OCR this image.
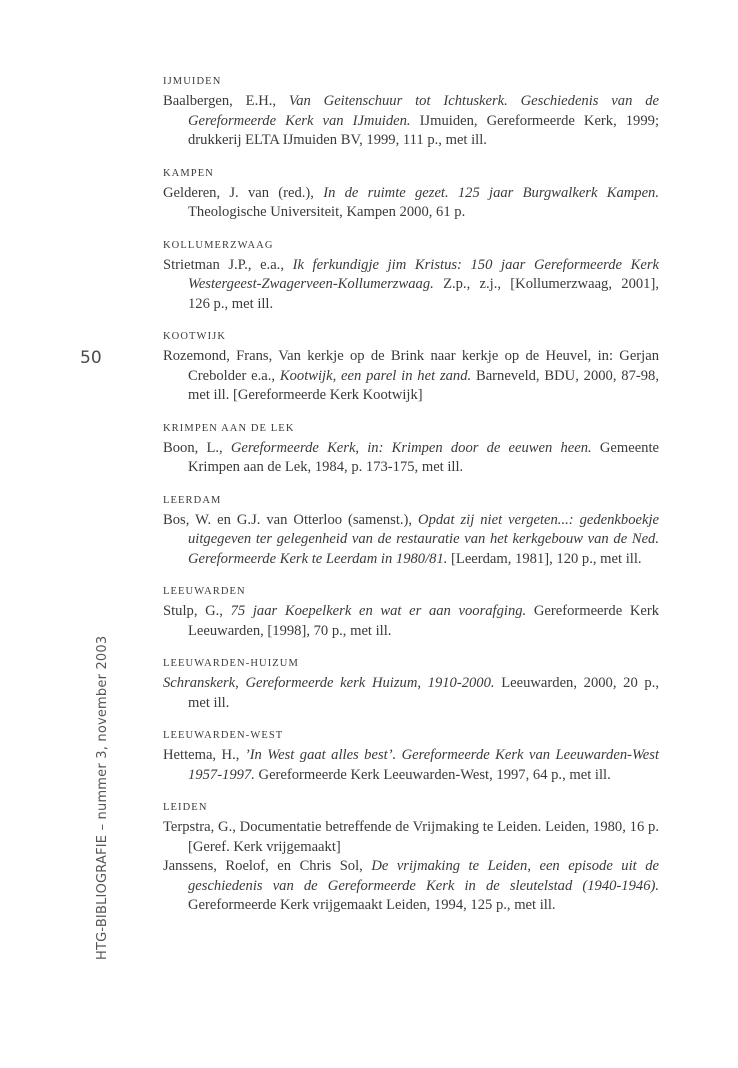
50
HTG-BIBLIOGRAFIE – nummer 3, november 2003
IJMUIDEN
Baalbergen, E.H., Van Geitenschuur tot Ichtuskerk. Geschiedenis van de Gereformeerde Kerk van IJmuiden. IJmuiden, Gereformeerde Kerk, 1999; drukkerij ELTA IJmuiden BV, 1999, 111 p., met ill.
KAMPEN
Gelderen, J. van (red.), In de ruimte gezet. 125 jaar Burgwalkerk Kampen. Theologische Universiteit, Kampen 2000, 61 p.
KOLLUMERZWAAG
Strietman J.P., e.a., Ik ferkundigje jim Kristus: 150 jaar Gereformeerde Kerk Westergeest-Zwagerveen-Kollumerzwaag. Z.p., z.j., [Kollumerzwaag, 2001], 126 p., met ill.
KOOTWIJK
Rozemond, Frans, Van kerkje op de Brink naar kerkje op de Heuvel, in: Gerjan Crebolder e.a., Kootwijk, een parel in het zand. Barneveld, BDU, 2000, 87-98, met ill. [Gereformeerde Kerk Kootwijk]
KRIMPEN AAN DE LEK
Boon, L., Gereformeerde Kerk, in: Krimpen door de eeuwen heen. Gemeente Krimpen aan de Lek, 1984, p. 173-175, met ill.
LEERDAM
Bos, W. en G.J. van Otterloo (samenst.), Opdat zij niet vergeten...: gedenkboekje uitgegeven ter gelegenheid van de restauratie van het kerkgebouw van de Ned. Gereformeerde Kerk te Leerdam in 1980/81. [Leerdam, 1981], 120 p., met ill.
LEEUWARDEN
Stulp, G., 75 jaar Koepelkerk en wat er aan voorafging. Gereformeerde Kerk Leeuwarden, [1998], 70 p., met ill.
LEEUWARDEN-HUIZUM
Schranskerk, Gereformeerde kerk Huizum, 1910-2000. Leeuwarden, 2000, 20 p., met ill.
LEEUWARDEN-WEST
Hettema, H., ’In West gaat alles best’. Gereformeerde Kerk van Leeuwarden-West 1957-1997. Gereformeerde Kerk Leeuwarden-West, 1997, 64 p., met ill.
LEIDEN
Terpstra, G., Documentatie betreffende de Vrijmaking te Leiden. Leiden, 1980, 16 p. [Geref. Kerk vrijgemaakt]
Janssens, Roelof, en Chris Sol, De vrijmaking te Leiden, een episode uit de geschiedenis van de Gereformeerde Kerk in de sleutelstad (1940-1946). Gereformeerde Kerk vrijgemaakt Leiden, 1994, 125 p., met ill.
